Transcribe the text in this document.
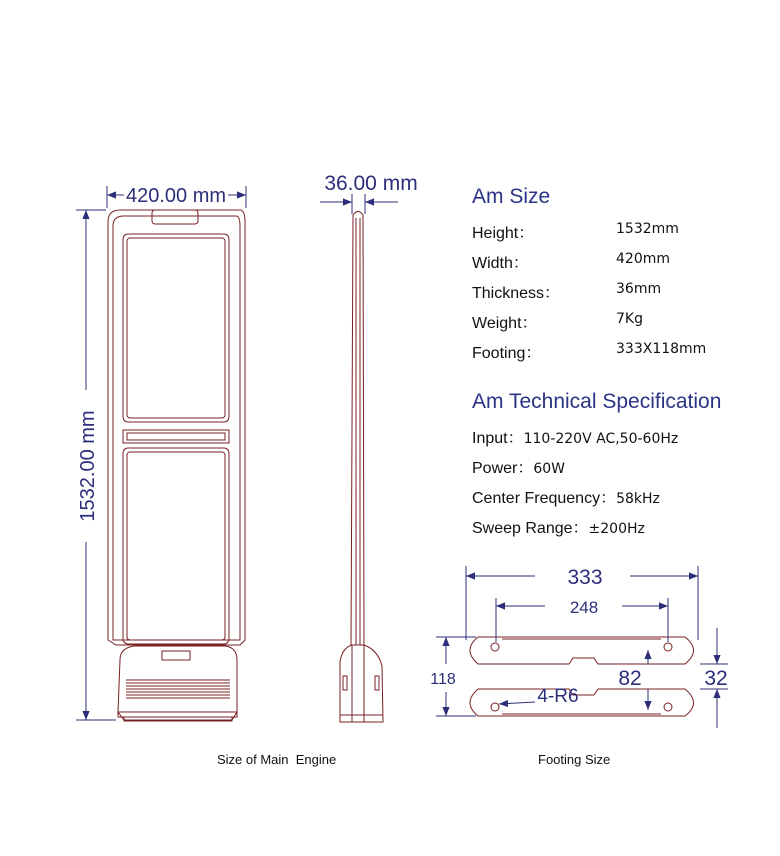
420.00 mm
1532.00 mm
36.00 mm
333
248
118	82	32
4-R6
Am Size
Height：	1532mm
Width：	420mm
Thickness：	36mm
Weight：	7Kg
Footing：	333X118mm
Am Technical Specification
Input：110-220V AC,50-60Hz
Power：60W
Center Frequency：58kHz
Sweep Range：±200Hz
Size of Main  Engine	Footing Size
